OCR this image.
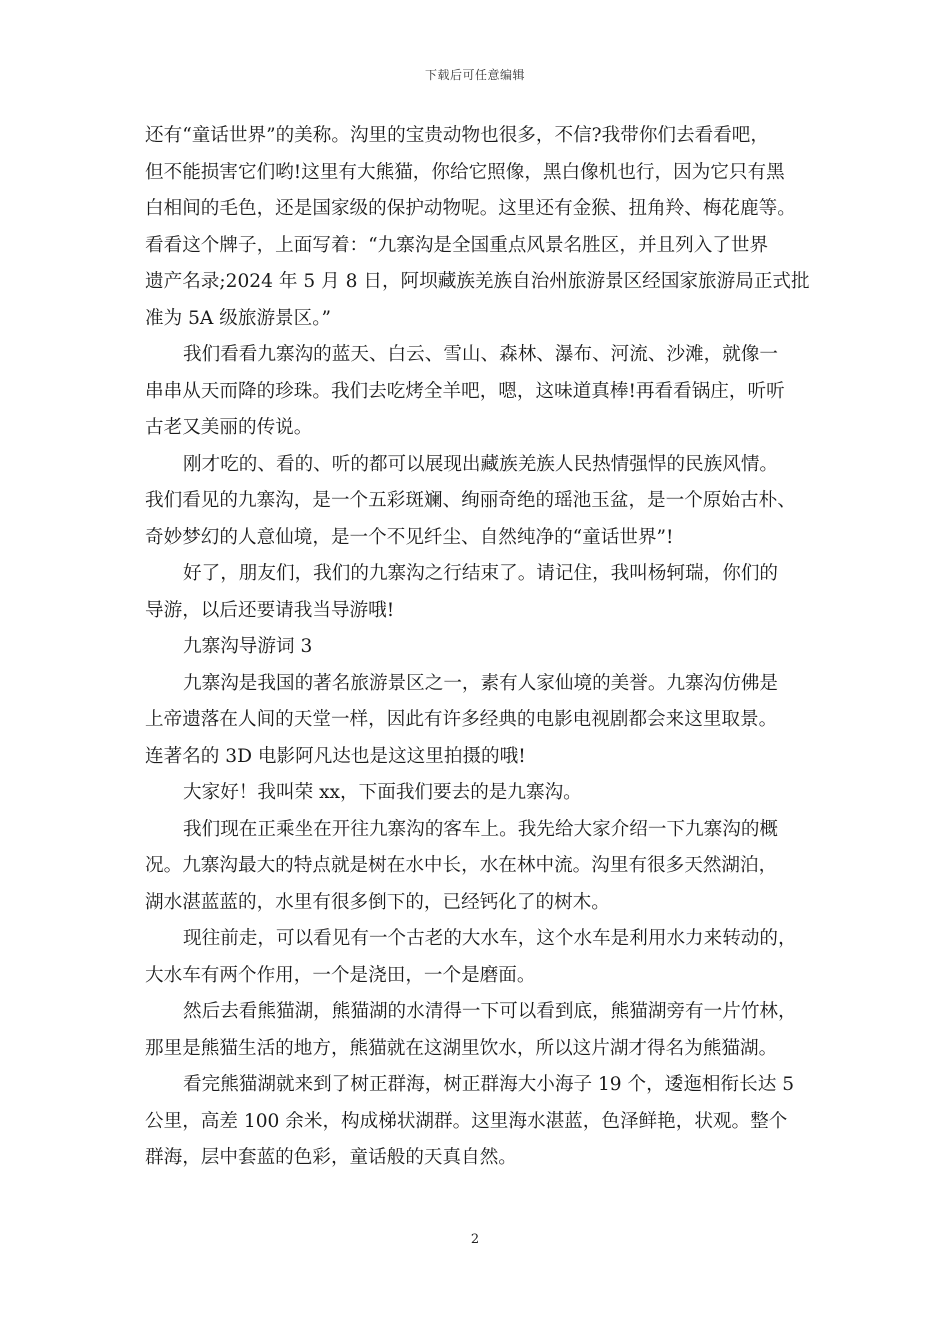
下载后可任意编辑
还有“童话世界”的美称。沟里的宝贵动物也很多，不信?我带你们去看看吧，
但不能损害它们哟!这里有大熊猫，你给它照像，黑白像机也行，因为它只有黑
白相间的毛色，还是国家级的保护动物呢。这里还有金猴、扭角羚、梅花鹿等。
看看这个牌子，上面写着：“九寨沟是全国重点风景名胜区，并且列入了世界
遗产名录;2024 年 5 月 8 日，阿坝藏族羌族自治州旅游景区经国家旅游局正式批
准为 5A 级旅游景区。”
我们看看九寨沟的蓝天、白云、雪山、森林、瀑布、河流、沙滩，就像一
串串从天而降的珍珠。我们去吃烤全羊吧，嗯，这味道真棒!再看看锅庄，听听
古老又美丽的传说。
刚才吃的、看的、听的都可以展现出藏族羌族人民热情强悍的民族风情。
我们看见的九寨沟，是一个五彩斑斓、绚丽奇绝的瑶池玉盆，是一个原始古朴、
奇妙梦幻的人意仙境，是一个不见纤尘、自然纯净的“童话世界”!
好了，朋友们，我们的九寨沟之行结束了。请记住，我叫杨轲瑞，你们的
导游，以后还要请我当导游哦!
九寨沟导游词 3
九寨沟是我国的著名旅游景区之一，素有人家仙境的美誉。九寨沟仿佛是
上帝遗落在人间的天堂一样，因此有许多经典的电影电视剧都会来这里取景。
连著名的 3D 电影阿凡达也是这这里拍摄的哦!
大家好！我叫荣 xx，下面我们要去的是九寨沟。
我们现在正乘坐在开往九寨沟的客车上。我先给大家介绍一下九寨沟的概
况。九寨沟最大的特点就是树在水中长，水在林中流。沟里有很多天然湖泊，
湖水湛蓝蓝的，水里有很多倒下的，已经钙化了的树木。
现往前走，可以看见有一个古老的大水车，这个水车是利用水力来转动的，
大水车有两个作用，一个是浇田，一个是磨面。
然后去看熊猫湖，熊猫湖的水清得一下可以看到底，熊猫湖旁有一片竹林，
那里是熊猫生活的地方，熊猫就在这湖里饮水，所以这片湖才得名为熊猫湖。
看完熊猫湖就来到了树正群海，树正群海大小海子 19 个，逶迤相衔长达 5
公里，高差 100 余米，构成梯状湖群。这里海水湛蓝，色泽鲜艳，状观。整个
群海，层中套蓝的色彩，童话般的天真自然。
2
